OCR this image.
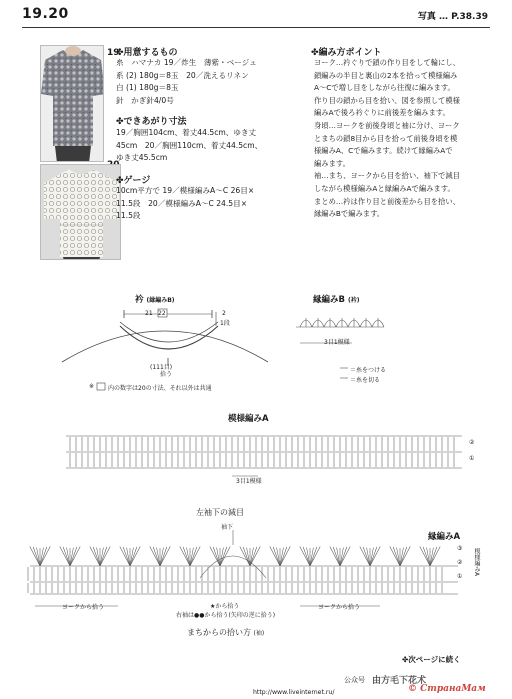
19.20	写真 … P.38.39
19
✤用意するもの

糸　ハマナカ 19／炸生　薄紫・ベージュ

系 (2) 180g＝8玉　20／洗えるリネン

白 (1) 180g＝8玉

針　かぎ針4/0号

✤できあがり寸法

19／胸囲104cm、着丈44.5cm、ゆき丈

45cm　20／胸囲110cm、着丈44.5cm、

ゆき丈45.5cm

✤ゲージ

10cm平方で 19／模様編みA～C 26目×

11.5段　20／模様編みA～C 24.5目×

11.5段

✤編み方ポイント

ヨーク…衿ぐりで鎖の作り目をして輪にし、

鎖編みの半目と裏山の2本を拾って模様編み

A～Cで増し目をしながら往復に編みます。

作り目の鎖から目を拾い、図を参照して模様

編みAで後ろ衿ぐりに前後差を編みます。

身頃…ヨークを前後身頃と袖に分け、ヨーク

とまちの鎖8目から目を拾って前後身頃を模

様編みA、Cで編みます。続けて縁編みAで

編みます。

袖…まち、ヨークから目を拾い、袖下で減目

しながら模様編みAと縁編みAで編みます。

まとめ…衿は作り目と前後差から目を拾い、

縁編みBで編みます。

衿 (縁編みB)
21 22	2
1段
(111目)
拾う
※ 内の数字は20の寸法、それ以外は共通
縁編みB (衿)
3目1模様
＝糸をつける
＝糸を切る
模様編みA
②
①
3目1模様
左袖下の減目
袖下
縁編みA
③
②
①
模様編みA
★から拾う
右袖は●●から拾う(矢印の逆に拾う)
ヨークから拾う	ヨークから拾う
まちからの拾い方 (袖)
✤次ページに続く
公众号 由方毛下花术
http://www.liveinternet.ru/	© СтранаМам
